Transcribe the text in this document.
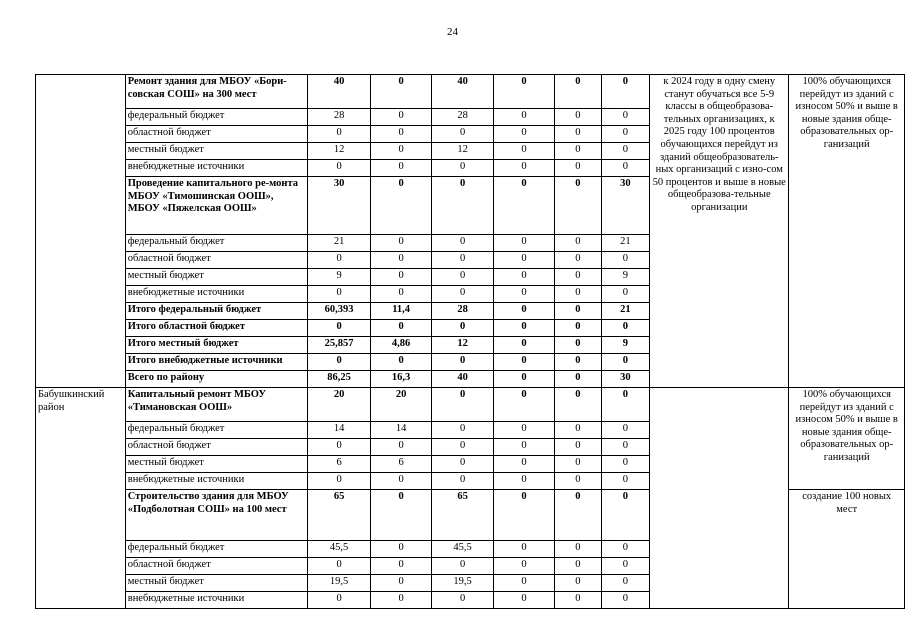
24
	Ремонт здания для МБОУ «Бори-совская СОШ» на 300 мест	40	0	40	0	0	0	к 2024 году в одну смену станут обучаться все 5-9 классы в общеобразова-тельных организациях, к 2025 году 100 процентов обучающихся перейдут из зданий общеобразователь-ных организаций с изно-сом 50 процентов и выше в новые общеобразова-тельные организации	100% обучающихся перейдут из зданий с износом 50% и выше в новые здания обще-образовательных ор-ганизаций
	федеральный бюджет	28	0	28	0	0	0		
	областной бюджет	0	0	0	0	0	0		
	местный бюджет	12	0	12	0	0	0		
	внебюджетные источники	0	0	0	0	0	0		
	Проведение капитального ре-монта МБОУ «Тимошинская ООШ», МБОУ «Пяжелская ООШ»	30	0	0	0	0	30		
	федеральный бюджет	21	0	0	0	0	21		
	областной бюджет	0	0	0	0	0	0		
	местный бюджет	9	0	0	0	0	9		
	внебюджетные источники	0	0	0	0	0	0		
	Итого федеральный бюджет	60,393	11,4	28	0	0	21		
	Итого областной бюджет	0	0	0	0	0	0		
	Итого местный бюджет	25,857	4,86	12	0	0	9		
	Итого внебюджетные источники	0	0	0	0	0	0		
	Всего по району	86,25	16,3	40	0	0	30		
Бабушкинский район	Капитальный ремонт МБОУ «Тимановская ООШ»	20	20	0	0	0	0		100% обучающихся перейдут из зданий с износом 50% и выше в новые здания обще-образовательных ор-ганизаций
	федеральный бюджет	14	14	0	0	0	0		
	областной бюджет	0	0	0	0	0	0		
	местный бюджет	6	6	0	0	0	0		
	внебюджетные источники	0	0	0	0	0	0		
	Строительство здания для МБОУ «Подболотная СОШ» на 100 мест	65	0	65	0	0	0		создание 100 новых мест
	федеральный бюджет	45,5	0	45,5	0	0	0		
	областной бюджет	0	0	0	0	0	0		
	местный бюджет	19,5	0	19,5	0	0	0		
	внебюджетные источники	0	0	0	0	0	0		
